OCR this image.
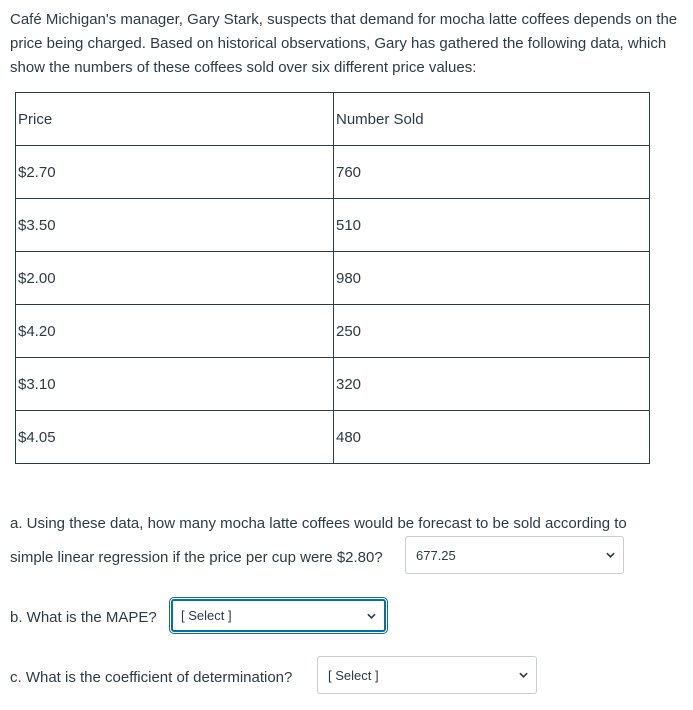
Café Michigan's manager, Gary Stark, suspects that demand for mocha latte coffees depends on the price being charged. Based on historical observations, Gary has gathered the following data, which show the numbers of these coffees sold over six different price values:

Price	Number Sold
$2.70	760
$3.50	510
$2.00	980
$4.20	250
$3.10	320
$4.05	480
a. Using these data, how many mocha latte coffees would be forecast to be sold according to
simple linear regression if the price per cup were $2.80?	677.25
b. What is the MAPE? [ Select ]
c. What is the coefficient of determination?	[ Select ]
